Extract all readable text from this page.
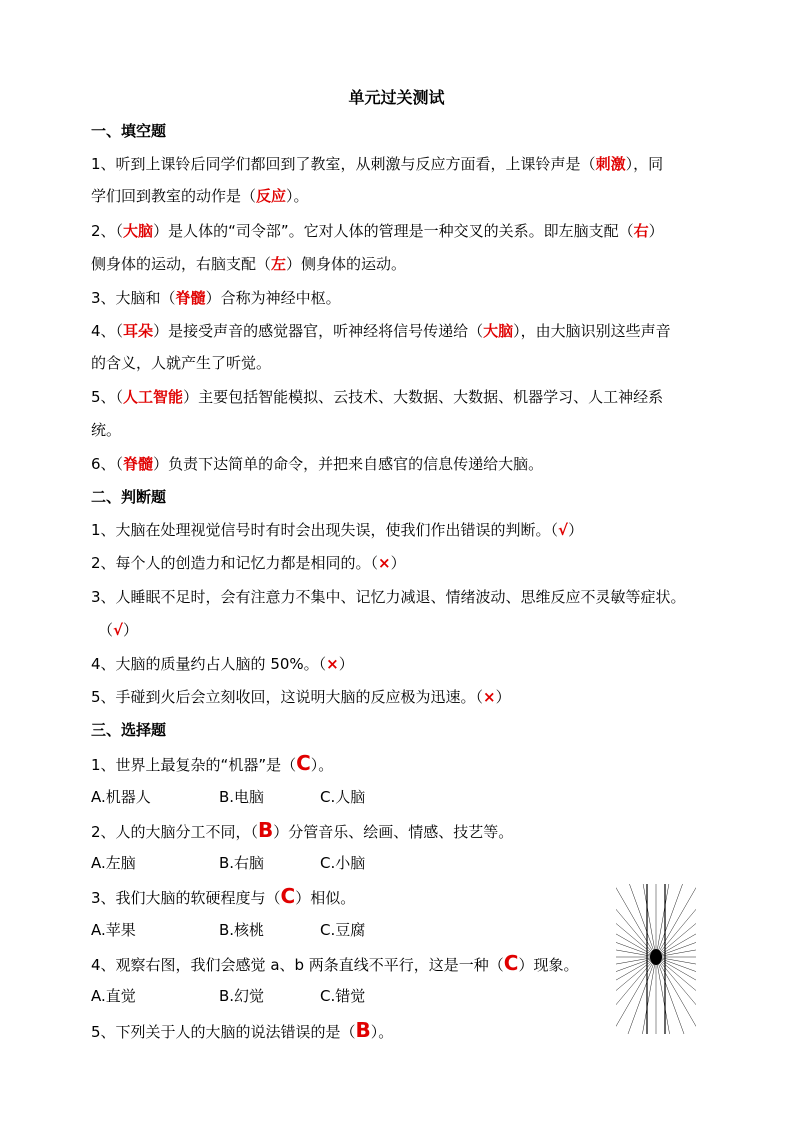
单元过关测试
一、填空题
1、听到上课铃后同学们都回到了教室，从刺激与反应方面看，上课铃声是（刺激），同
学们回到教室的动作是（反应）。
2、（大脑）是人体的“司令部”。它对人体的管理是一种交叉的关系。即左脑支配（右）
侧身体的运动，右脑支配（左）侧身体的运动。
3、大脑和（脊髓）合称为神经中枢。
4、（耳朵）是接受声音的感觉器官，听神经将信号传递给（大脑），由大脑识别这些声音
的含义，人就产生了听觉。
5、（人工智能）主要包括智能模拟、云技术、大数据、大数据、机器学习、人工神经系
统。
6、（脊髓）负责下达简单的命令，并把来自感官的信息传递给大脑。
二、判断题
1、大脑在处理视觉信号时有时会出现失误，使我们作出错误的判断。（√）
2、每个人的创造力和记忆力都是相同的。（×）
3、人睡眠不足时，会有注意力不集中、记忆力减退、情绪波动、思维反应不灵敏等症状。
（√）
4、大脑的质量约占人脑的 50%。（×）
5、手碰到火后会立刻收回，这说明大脑的反应极为迅速。（×）
三、选择题
1、世界上最复杂的“机器”是（C）。
A.机器人	B.电脑	C.人脑
2、人的大脑分工不同，（B）分管音乐、绘画、情感、技艺等。
A.左脑	B.右脑	C.小脑
3、我们大脑的软硬程度与（C）相似。
A.苹果	B.核桃	C.豆腐
4、观察右图，我们会感觉 a、b 两条直线不平行，这是一种（C）现象。
A.直觉	B.幻觉	C.错觉
5、下列关于人的大脑的说法错误的是（B）。
